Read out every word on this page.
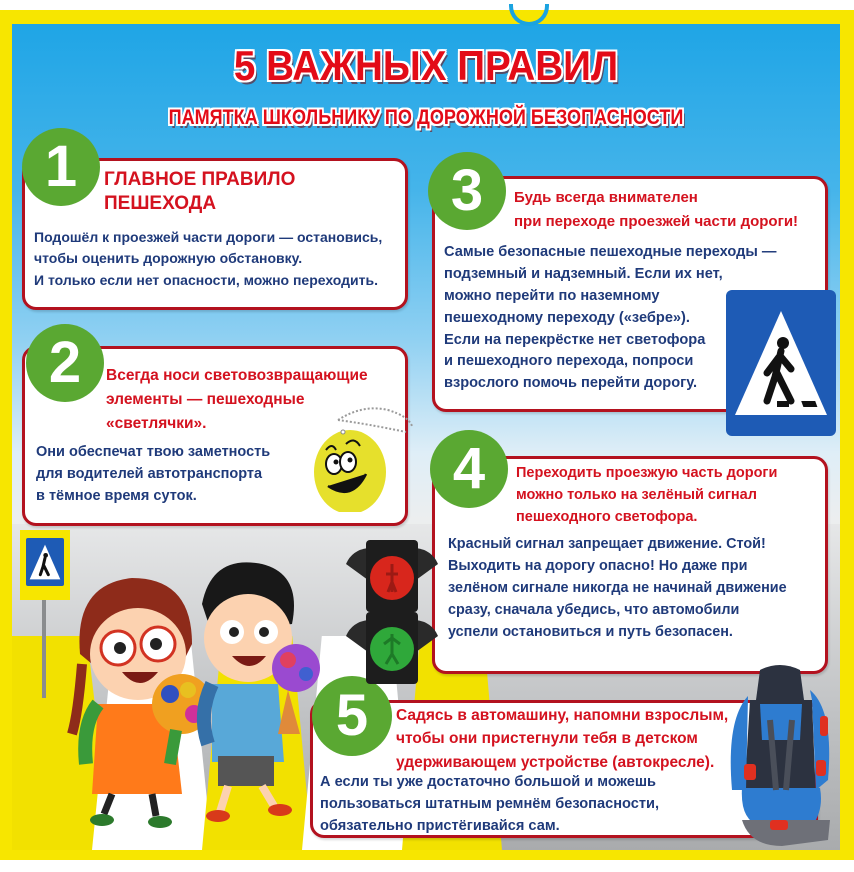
5 ВАЖНЫХ ПРАВИЛ
ПАМЯТКА ШКОЛЬНИКУ ПО ДОРОЖНОЙ БЕЗОПАСНОСТИ
1	ГЛАВНОЕ ПРАВИЛО
ПЕШЕХОДА
Подошёл к проезжей части дороги — остановись,
чтобы оценить дорожную обстановку.
И только если нет опасности, можно переходить.
2	Всегда носи световозвращающие
элементы — пешеходные
«светлячки».
Они обеспечат твою заметность
для водителей автотранспорта
в тёмное время суток.
3	Будь всегда внимателен
при переходе проезжей части дороги!
Самые безопасные пешеходные переходы —
подземный и надземный. Если их нет,
можно перейти по наземному
пешеходному переходу («зебре»).
Если на перекрёстке нет светофора
и пешеходного перехода, попроси
взрослого помочь перейти дорогу.
4	Переходить проезжую часть дороги
можно только на зелёный сигнал
пешеходного светофора.
Красный сигнал запрещает движение. Стой!
Выходить на дорогу опасно! Но даже при
зелёном сигнале никогда не начинай движение
сразу, сначала убедись, что автомобили
успели остановиться и путь безопасен.
5	Садясь в автомашину, напомни взрослым,
чтобы они пристегнули тебя в детском
удерживающем устройстве (автокресле).
А если ты уже достаточно большой и можешь
пользоваться штатным ремнём безопасности,
обязательно пристёгивайся сам.
